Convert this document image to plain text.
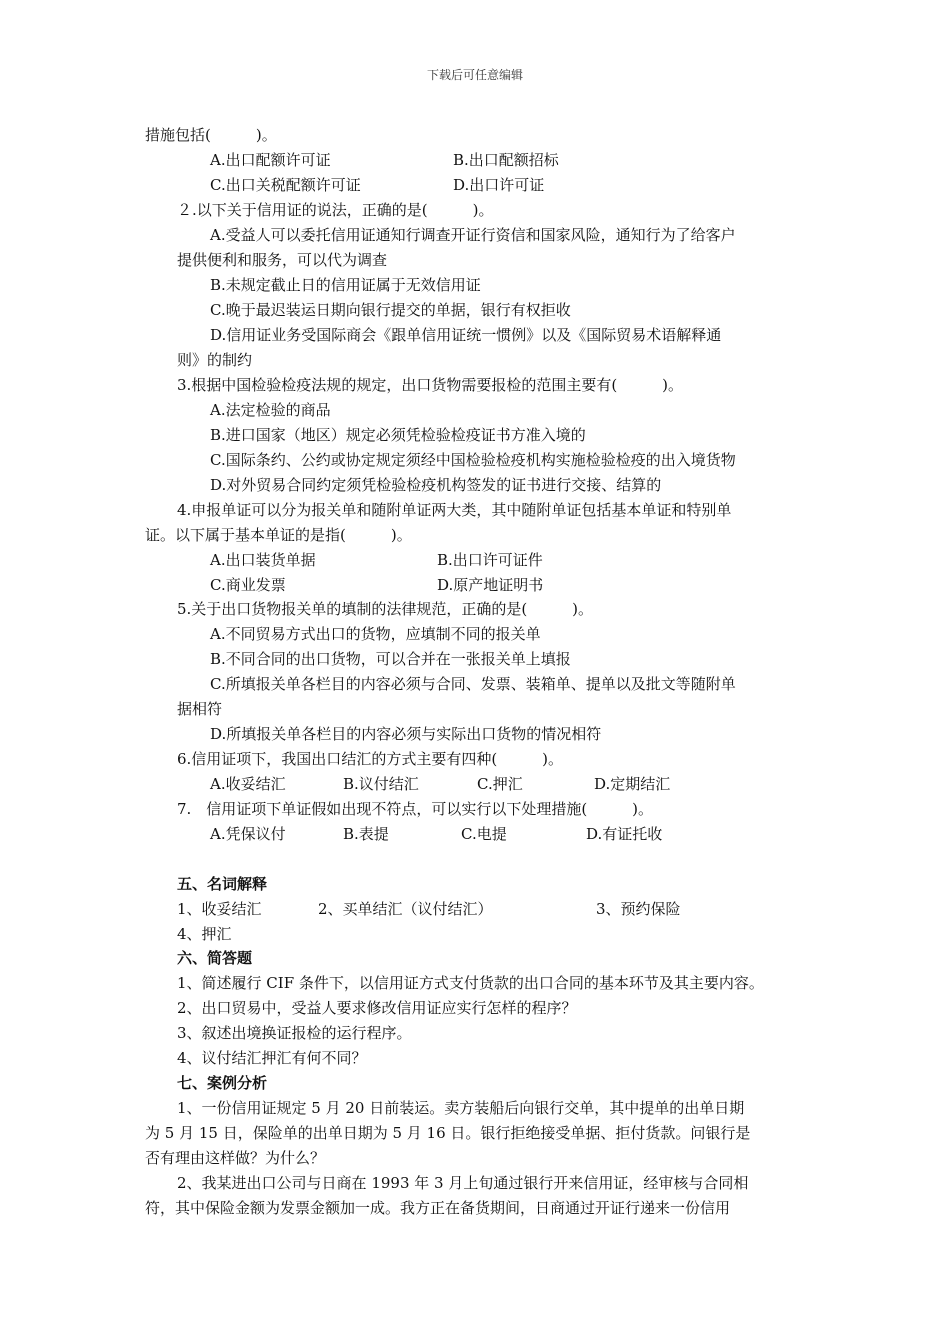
下载后可任意编辑
措施包括(　　　)。
A.出口配额许可证	B.出口配额招标
C.出口关税配额许可证	D.出口许可证
２.以下关于信用证的说法，正确的是(　　　)。
A.受益人可以委托信用证通知行调查开证行资信和国家风险，通知行为了给客户
提供便利和服务，可以代为调查
B.未规定截止日的信用证属于无效信用证
C.晚于最迟装运日期向银行提交的单据，银行有权拒收
D.信用证业务受国际商会《跟单信用证统一惯例》以及《国际贸易术语解释通
则》的制约
3.根据中国检验检疫法规的规定，出口货物需要报检的范围主要有(　　　)。
A.法定检验的商品
B.进口国家（地区）规定必须凭检验检疫证书方准入境的
C.国际条约、公约或协定规定须经中国检验检疫机构实施检验检疫的出入境货物
D.对外贸易合同约定须凭检验检疫机构签发的证书进行交接、结算的
4.申报单证可以分为报关单和随附单证两大类，其中随附单证包括基本单证和特别单
证。以下属于基本单证的是指(　　　)。
A.出口装货单据	B.出口许可证件
C.商业发票	D.原产地证明书
5.关于出口货物报关单的填制的法律规范，正确的是(　　　)。
A.不同贸易方式出口的货物，应填制不同的报关单
B.不同合同的出口货物，可以合并在一张报关单上填报
C.所填报关单各栏目的内容必须与合同、发票、装箱单、提单以及批文等随附单
据相符
D.所填报关单各栏目的内容必须与实际出口货物的情况相符
6.信用证项下，我国出口结汇的方式主要有四种(　　　)。
A.收妥结汇	B.议付结汇	C.押汇	D.定期结汇
7.　信用证项下单证假如出现不符点，可以实行以下处理措施(　　　)。
A.凭保议付	B.表提	C.电提	D.有证托收
五、名词解释
1、收妥结汇	2、买单结汇（议付结汇）	3、预约保险
4、押汇
六、简答题
1、简述履行 CIF 条件下，以信用证方式支付货款的出口合同的基本环节及其主要内容。
2、出口贸易中，受益人要求修改信用证应实行怎样的程序？
3、叙述出境换证报检的运行程序。
4、议付结汇押汇有何不同？
七、案例分析
1、一份信用证规定 5 月 20 日前装运。卖方装船后向银行交单，其中提单的出单日期
为 5 月 15 日，保险单的出单日期为 5 月 16 日。银行拒绝接受单据、拒付货款。问银行是
否有理由这样做？为什么？
2、我某进出口公司与日商在 1993 年 3 月上旬通过银行开来信用证，经审核与合同相
符，其中保险金额为发票金额加一成。我方正在备货期间，日商通过开证行递来一份信用
